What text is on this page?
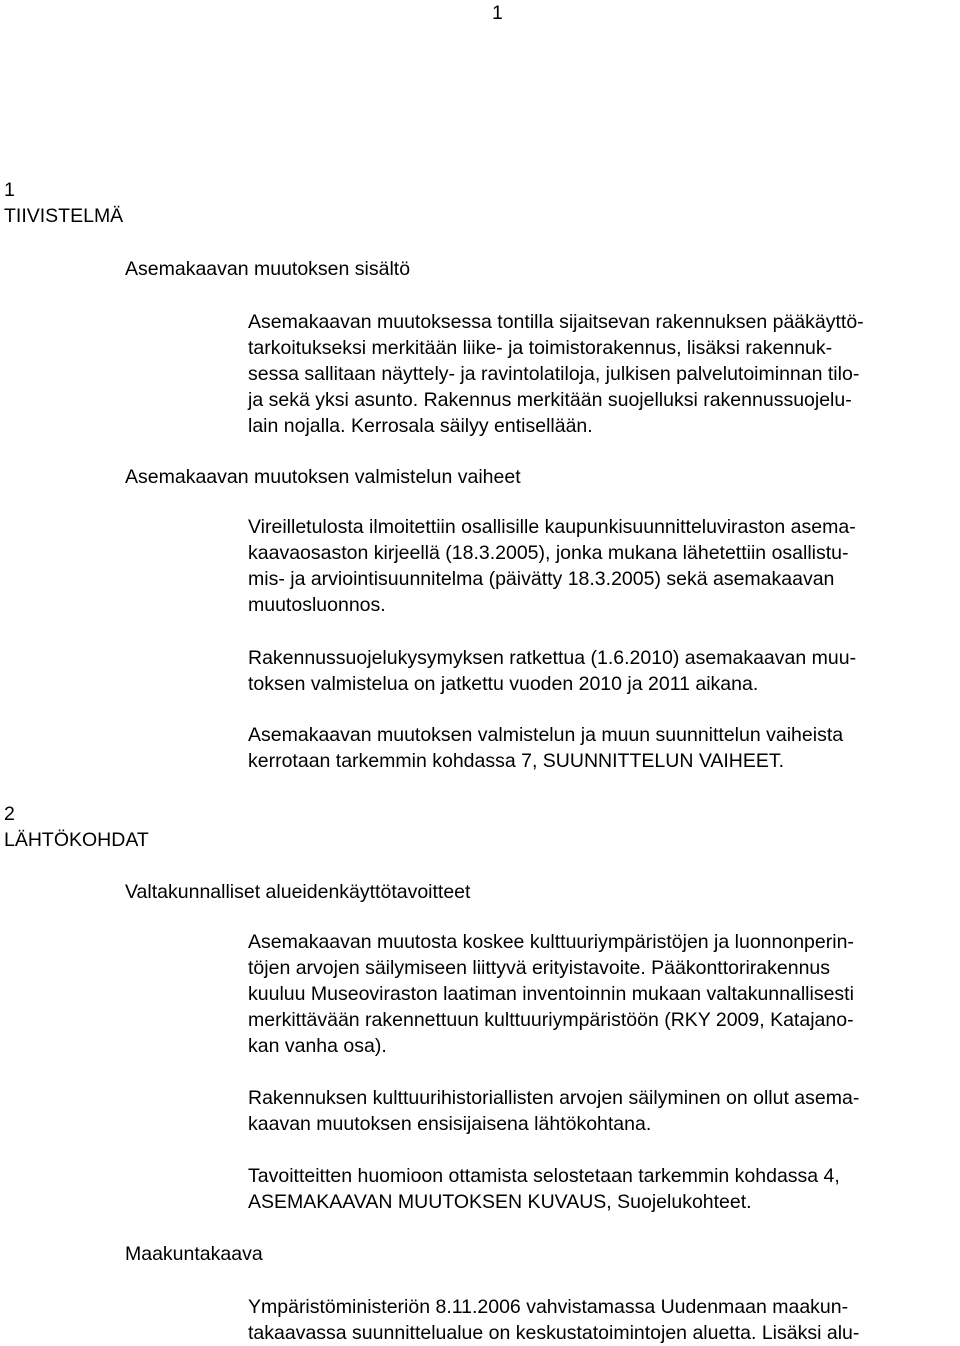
1
1
TIIVISTELMÄ
Asemakaavan muutoksen sisältö
Asemakaavan muutoksessa tontilla sijaitsevan rakennuksen pääkäyttö-
tarkoitukseksi merkitään liike- ja toimistorakennus, lisäksi rakennuk-
sessa sallitaan näyttely- ja ravintolatiloja, julkisen palvelutoiminnan tilo-
ja sekä yksi asunto. Rakennus merkitään suojelluksi rakennussuojelu-
lain nojalla. Kerrosala säilyy entisellään.
Asemakaavan muutoksen valmistelun vaiheet
Vireilletulosta ilmoitettiin osallisille kaupunkisuunnitteluviraston asema-
kaavaosaston kirjeellä (18.3.2005), jonka mukana lähetettiin osallistu-
mis- ja arviointisuunnitelma (päivätty 18.3.2005) sekä asemakaavan
muutosluonnos.
Rakennussuojelukysymyksen ratkettua (1.6.2010) asemakaavan muu-
toksen valmistelua on jatkettu vuoden 2010 ja 2011 aikana.
Asemakaavan muutoksen valmistelun ja muun suunnittelun vaiheista
kerrotaan tarkemmin kohdassa 7, SUUNNITTELUN VAIHEET.
2
LÄHTÖKOHDAT
Valtakunnalliset alueidenkäyttötavoitteet
Asemakaavan muutosta koskee kulttuuriympäristöjen ja luonnonperin-
töjen arvojen säilymiseen liittyvä erityistavoite. Pääkonttorirakennus
kuuluu Museoviraston laatiman inventoinnin mukaan valtakunnallisesti
merkittävään rakennettuun kulttuuriympäristöön (RKY 2009, Katajano-
kan vanha osa).
Rakennuksen kulttuurihistoriallisten arvojen säilyminen on ollut asema-
kaavan muutoksen ensisijaisena lähtökohtana.
Tavoitteitten huomioon ottamista selostetaan tarkemmin kohdassa 4,
ASEMAKAAVAN MUUTOKSEN KUVAUS, Suojelukohteet.
Maakuntakaava
Ympäristöministeriön 8.11.2006 vahvistamassa Uudenmaan maakun-
takaavassa suunnittelualue on keskustatoimintojen aluetta. Lisäksi alu-
